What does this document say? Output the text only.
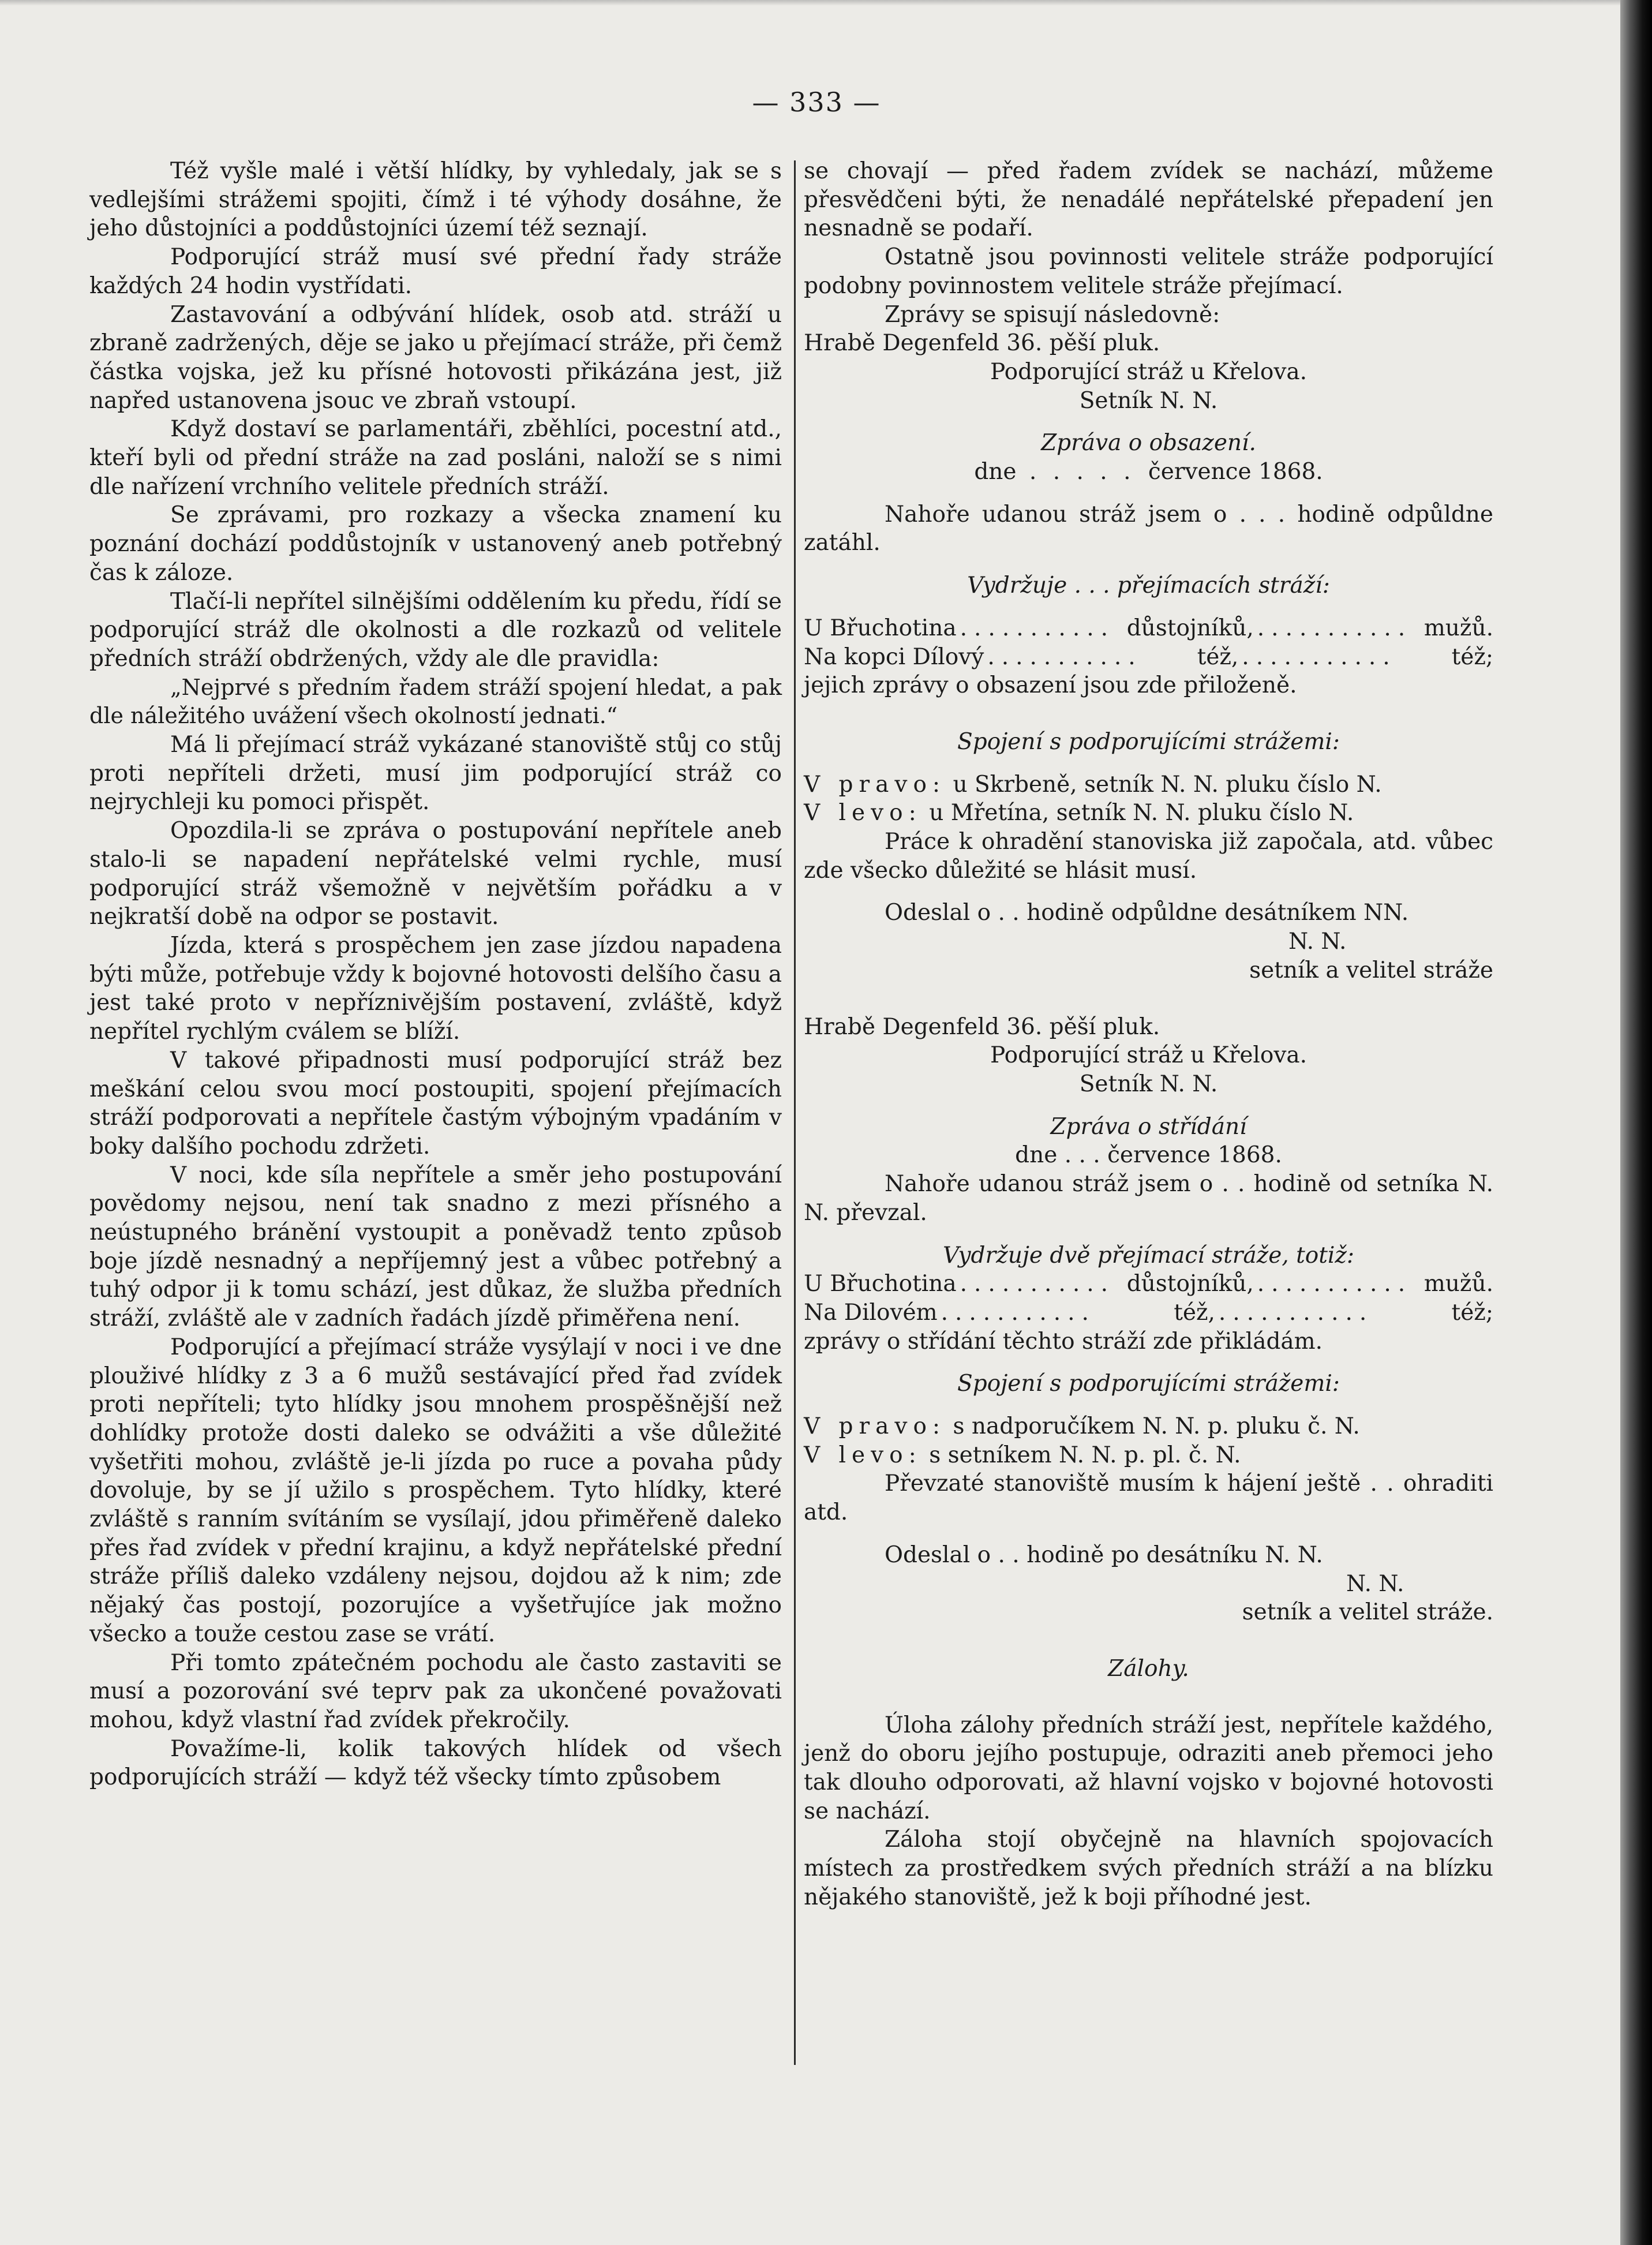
— 333 —

Též vyšle malé i větší hlídky, by vyhledaly, jak se s vedlejšími strážemi spojiti, čímž i té výhody dosáhne, že jeho důstojníci a poddůstojníci území též seznají.

Podporující stráž musí své přední řady stráže každých 24 hodin vystřídati.

Zastavování a odbývání hlídek, osob atd. stráží u zbraně zadržených, děje se jako u přejímací stráže, při čemž částka vojska, jež ku přísné hotovosti přikázána jest, již napřed ustanovena jsouc ve zbraň vstoupí.

Když dostaví se parlamentáři, zběhlíci, pocestní atd., kteří byli od přední stráže na zad posláni, naloží se s nimi dle nařízení vrchního velitele předních stráží.

Se zprávami, pro rozkazy a všecka znamení ku poznání dochází poddůstojník v ustanovený aneb potřebný čas k záloze.

Tlačí-li nepřítel silnějšími oddělením ku předu, řídí se podporující stráž dle okolnosti a dle rozkazů od velitele předních stráží obdržených, vždy ale dle pravidla:

„Nejprvé s předním řadem stráží spojení hledat, a pak dle náležitého uvážení všech okolností jednati.“

Má li přejímací stráž vykázané stanoviště stůj co stůj proti nepříteli držeti, musí jim podporující stráž co nejrychleji ku pomoci přispět.

Opozdila-li se zpráva o postupování nepřítele aneb stalo-li se napadení nepřátelské velmi rychle, musí podporující stráž všemožně v největším pořádku a v nejkratší době na odpor se postavit.

Jízda, která s prospěchem jen zase jízdou napadena býti může, potřebuje vždy k bojovné hotovosti delšího času a jest také proto v nepříznivějším postavení, zvláště, když nepřítel rychlým cválem se blíží.

V takové připadnosti musí podporující stráž bez meškání celou svou mocí postoupiti, spojení přejímacích stráží podporovati a nepřítele častým výbojným vpadáním v boky dalšího pochodu zdržeti.

V noci, kde síla nepřítele a směr jeho postupování povědomy nejsou, není tak snadno z mezi přísného a neústupného bránění vystoupit a poněvadž tento způsob boje jízdě nesnadný a nepříjemný jest a vůbec potřebný a tuhý odpor ji k tomu schází, jest důkaz, že služba předních stráží, zvláště ale v zadních řadách jízdě přiměřena není.

Podporující a přejímací stráže vysýlají v noci i ve dne plouživé hlídky z 3 a 6 mužů sestávající před řad zvídek proti nepříteli; tyto hlídky jsou mnohem prospěšnější než dohlídky protože dosti daleko se odvážiti a vše důležité vyšetřiti mohou, zvláště je-li jízda po ruce a povaha půdy dovoluje, by se jí užilo s prospěchem. Tyto hlídky, které zvláště s ranním svítáním se vysílají, jdou přiměřeně daleko přes řad zvídek v přední krajinu, a když nepřátelské přední stráže příliš daleko vzdáleny nejsou, dojdou až k nim; zde nějaký čas postojí, pozorujíce a vyšetřujíce jak možno všecko a touže cestou zase se vrátí.

Při tomto zpátečném pochodu ale často zastaviti se musí a pozorování své teprv pak za ukončené považovati mohou, když vlastní řad zvídek překročily.

Považíme-li, kolik takových hlídek od všech podporujících stráží — když též všecky tímto způsobem

se chovají — před řadem zvídek se nachází, můžeme přesvědčeni býti, že nenadálé nepřátelské přepadení jen nesnadně se podaří.

Ostatně jsou povinnosti velitele stráže podporující podobny povinnostem velitele stráže přejímací.

Zprávy se spisují následovně:

Hrabě Degenfeld 36. pěší pluk.

Podporující stráž u Křelova.

Setník N. N.

Zpráva o obsazení.

dne . . . . . července 1868.

Nahoře udanou stráž jsem o . . . hodině odpůldne zatáhl.

Vydržuje . . . přejímacích stráží:

U Břuchotina ........... důstojníků, ........... mužů.

Na kopci Dílový ...........	též, ...........	též;

jejich zprávy o obsazení jsou zde přiloženě.

Spojení s podporujícími strážemi:

V pravo: u Skrbeně, setník N. N. pluku číslo N.

V levo: u Mřetína, setník N. N. pluku číslo N.

Práce k ohradění stanoviska již započala, atd. vůbec zde všecko důležité se hlásit musí.

Odeslal o . . hodině odpůldne desátníkem NN.

N. N.

setník a velitel stráže

Hrabě Degenfeld 36. pěší pluk.

Podporující stráž u Křelova.

Setník N. N.

Zpráva o střídání

dne . . . července 1868.

Nahoře udanou stráž jsem o . . hodině od setníka N. N. převzal.

Vydržuje dvě přejímací stráže, totiž:

U Břuchotina ........... důstojníků, ........... mužů.

Na Dilovém ...........	též, ...........	též;

zprávy o střídání těchto stráží zde přikládám.

Spojení s podporujícími strážemi:

V pravo: s nadporučíkem N. N. p. pluku č. N.

V levo: s setníkem N. N. p. pl. č. N.

Převzaté stanoviště musím k hájení ještě . . ohraditi atd.

Odeslal o . . hodině po desátníku N. N.

N. N.

setník a velitel stráže.

Zálohy.

Úloha zálohy předních stráží jest, nepřítele každého, jenž do oboru jejího postupuje, odraziti aneb přemoci jeho tak dlouho odporovati, až hlavní vojsko v bojovné hotovosti se nachází.

Záloha stojí obyčejně na hlavních spojovacích místech za prostředkem svých předních stráží a na blízku nějakého stanoviště, jež k boji příhodné jest.
